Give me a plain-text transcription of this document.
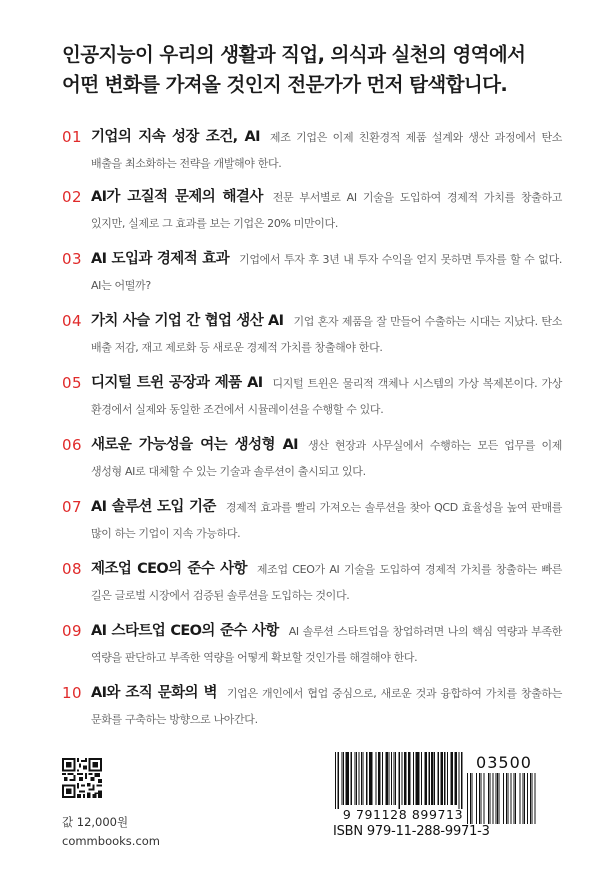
인공지능이 우리의 생활과 직업, 의식과 실천의 영역에서
어떤 변화를 가져올 것인지 전문가가 먼저 탐색합니다.
01 기업의 지속 성장 조건, AI 제조 기업은 이제 친환경적 제품 설계와 생산 과정에서 탄소 배출을 최소화하는 전략을 개발해야 한다.
02 AI가 고질적 문제의 해결사 전문 부서별로 AI 기술을 도입하여 경제적 가치를 창출하고 있지만, 실제로 그 효과를 보는 기업은 20% 미만이다.
03 AI 도입과 경제적 효과 기업에서 투자 후 3년 내 투자 수익을 얻지 못하면 투자를 할 수 없다. AI는 어떨까?
04 가치 사슬 기업 간 협업 생산 AI 기업 혼자 제품을 잘 만들어 수출하는 시대는 지났다. 탄소 배출 저감, 재고 제로화 등 새로운 경제적 가치를 창출해야 한다.
05 디지털 트윈 공장과 제품 AI 디지털 트윈은 물리적 객체나 시스템의 가상 복제본이다. 가상 환경에서 실제와 동일한 조건에서 시뮬레이션을 수행할 수 있다.
06 새로운 가능성을 여는 생성형 AI 생산 현장과 사무실에서 수행하는 모든 업무를 이제 생성형 AI로 대체할 수 있는 기술과 솔루션이 출시되고 있다.
07 AI 솔루션 도입 기준 경제적 효과를 빨리 가져오는 솔루션을 찾아 QCD 효율성을 높여 판매를 많이 하는 기업이 지속 가능하다.
08 제조업 CEO의 준수 사항 제조업 CEO가 AI 기술을 도입하여 경제적 가치를 창출하는 빠른 길은 글로벌 시장에서 검증된 솔루션을 도입하는 것이다.
09 AI 스타트업 CEO의 준수 사항 AI 솔루션 스타트업을 창업하려면 나의 핵심 역량과 부족한 역량을 판단하고 부족한 역량을 어떻게 확보할 것인가를 해결해야 한다.
10 AI와 조직 문화의 벽 기업은 개인에서 협업 중심으로, 새로운 것과 융합하여 가치를 창출하는 문화를 구축하는 방향으로 나아간다.
값 12,000원
commbooks.com
03500
9 791128 899713
ISBN 979-11-288-9971-3
